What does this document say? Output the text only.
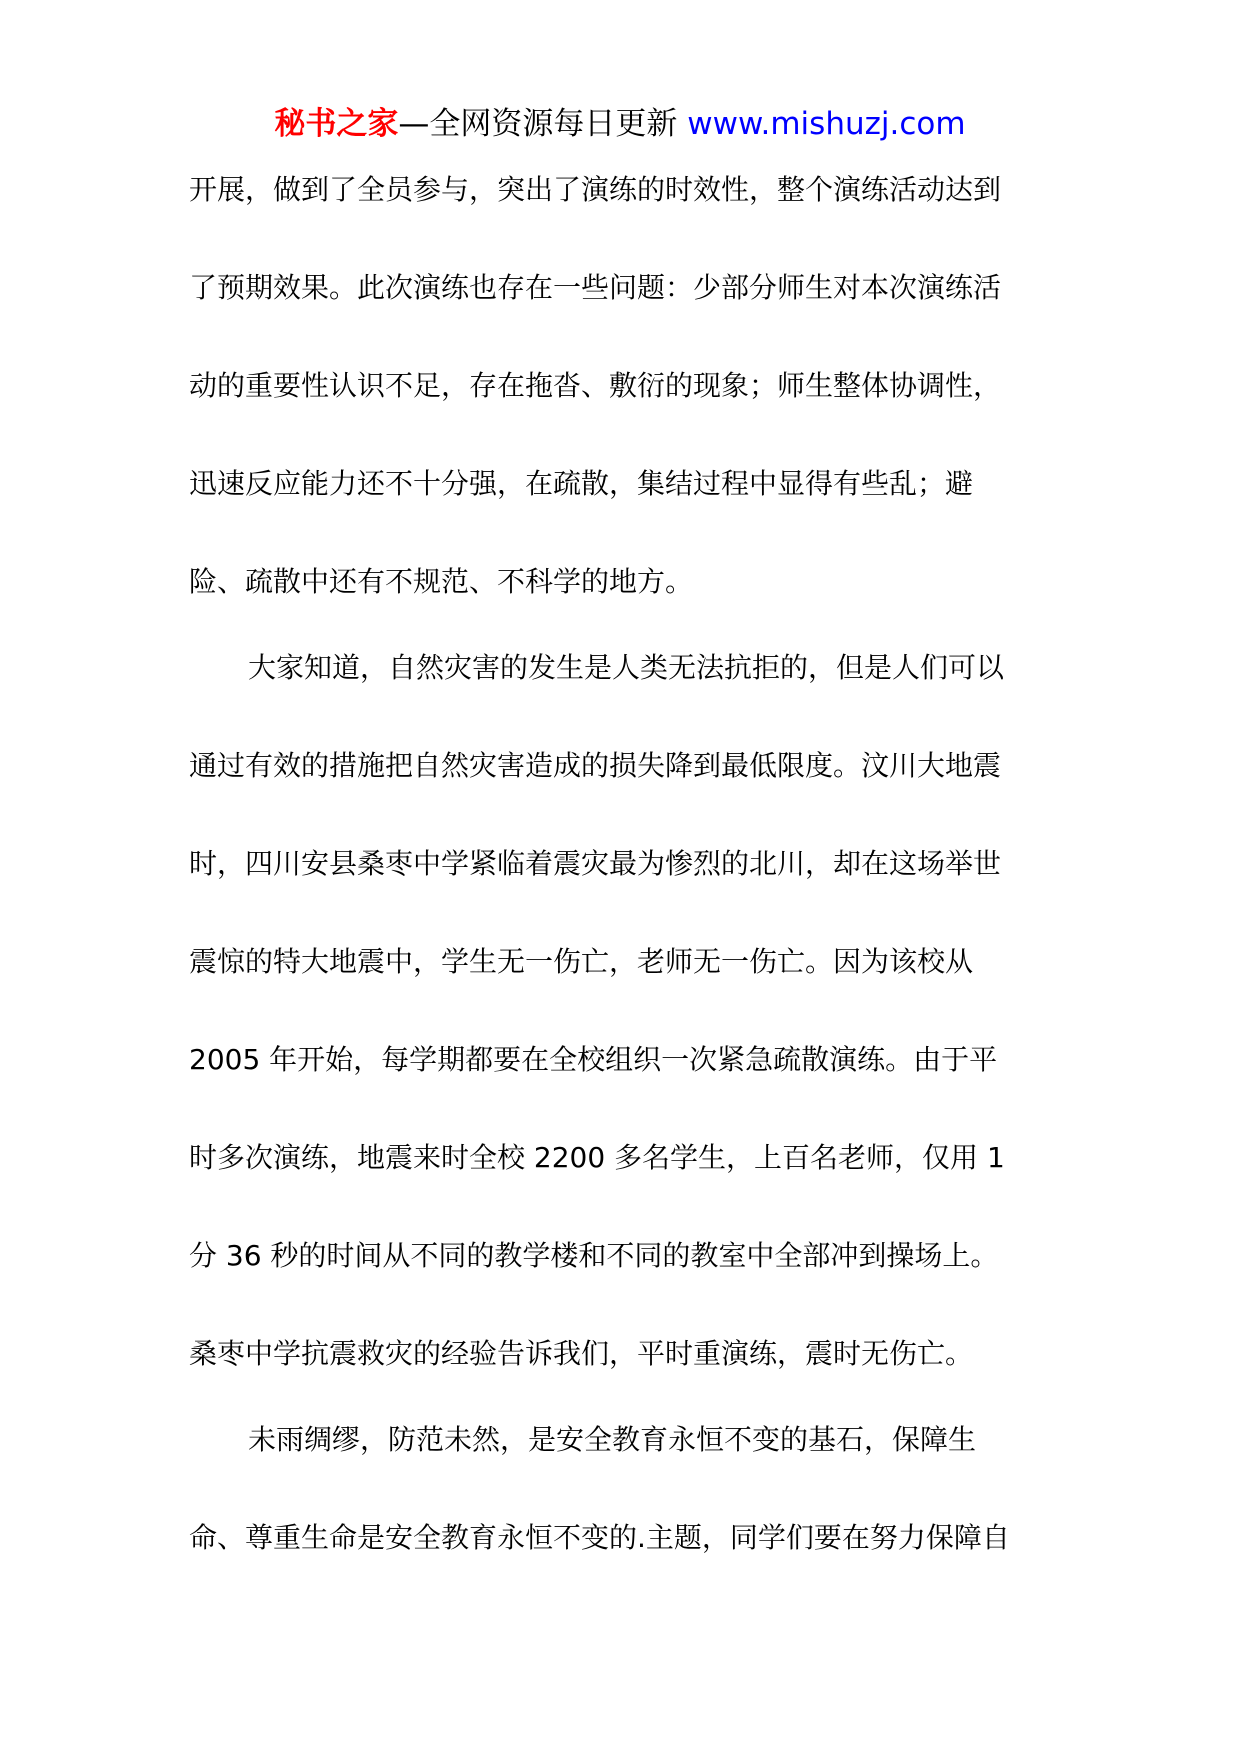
秘书之家—全网资源每日更新 www.mishuzj.com
开展，做到了全员参与，突出了演练的时效性，整个演练活动达到
了预期效果。此次演练也存在一些问题：少部分师生对本次演练活
动的重要性认识不足，存在拖沓、敷衍的现象；师生整体协调性，
迅速反应能力还不十分强，在疏散，集结过程中显得有些乱；避
险、疏散中还有不规范、不科学的地方。
大家知道，自然灾害的发生是人类无法抗拒的，但是人们可以
通过有效的措施把自然灾害造成的损失降到最低限度。汶川大地震
时，四川安县桑枣中学紧临着震灾最为惨烈的北川，却在这场举世
震惊的特大地震中，学生无一伤亡，老师无一伤亡。因为该校从
2005 年开始，每学期都要在全校组织一次紧急疏散演练。由于平
时多次演练，地震来时全校 2200 多名学生，上百名老师，仅用 1
分 36 秒的时间从不同的教学楼和不同的教室中全部冲到操场上。
桑枣中学抗震救灾的经验告诉我们，平时重演练，震时无伤亡。
未雨绸缪，防范未然，是安全教育永恒不变的基石，保障生
命、尊重生命是安全教育永恒不变的.主题，同学们要在努力保障自
